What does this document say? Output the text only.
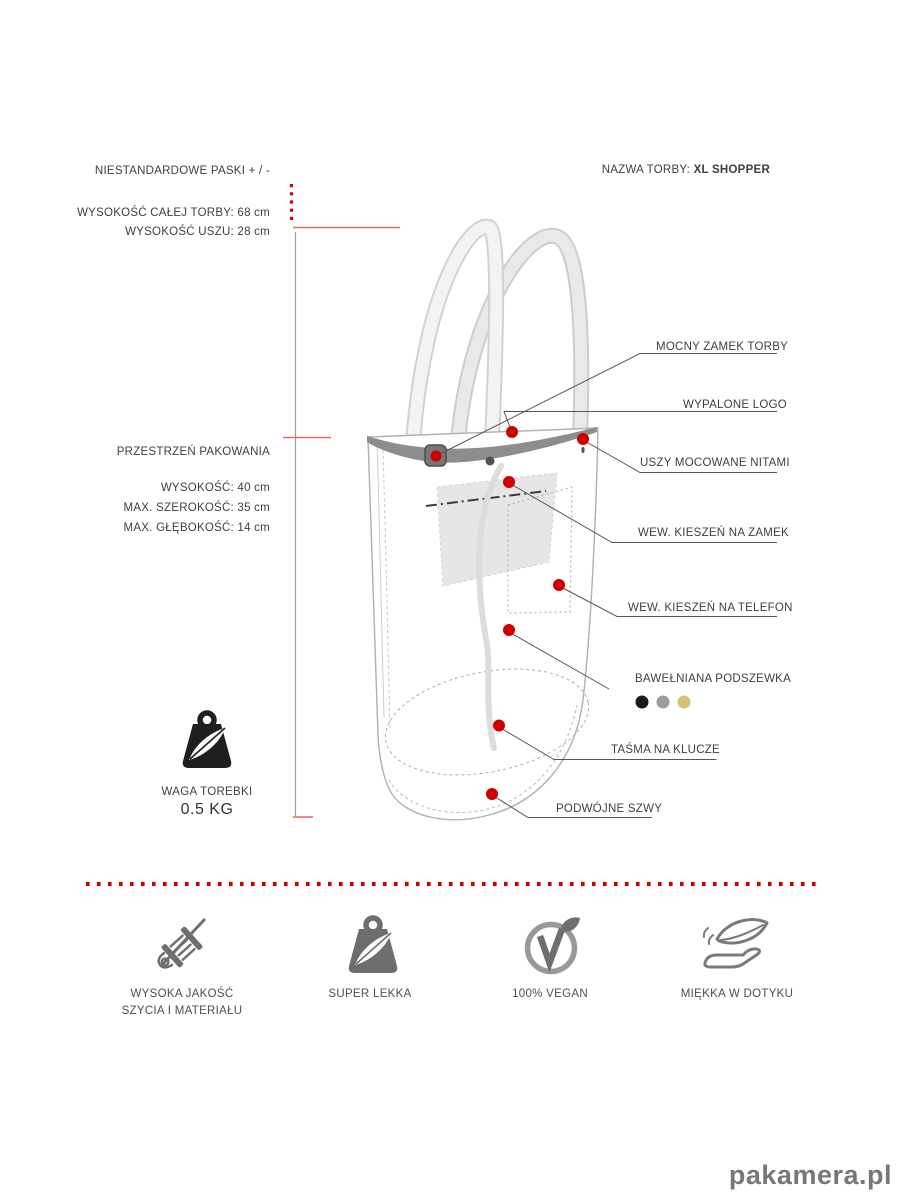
NIESTANDARDOWE PASKI + / -
WYSOKOŚĆ CAŁEJ TORBY: 68 cm
WYSOKOŚĆ USZU: 28 cm
NAZWA TORBY: XL SHOPPER
PRZESTRZEŃ PAKOWANIA
WYSOKOŚĆ: 40 cm
MAX. SZEROKOŚĆ: 35 cm
MAX. GŁĘBOKOŚĆ: 14 cm
MOCNY ZAMEK TORBY
WYPALONE LOGO
USZY MOCOWANE NITAMI
WEW. KIESZEŃ NA ZAMEK
WEW. KIESZEŃ NA TELEFON
BAWEŁNIANA PODSZEWKA
TAŚMA NA KLUCZE
PODWÓJNE SZWY
WAGA TOREBKI
0.5 KG
WYSOKA JAKOŚĆ
SZYCIA I MATERIAŁU
SUPER LEKKA	100% VEGAN	MIĘKKA W DOTYKU
pakamera.pl
